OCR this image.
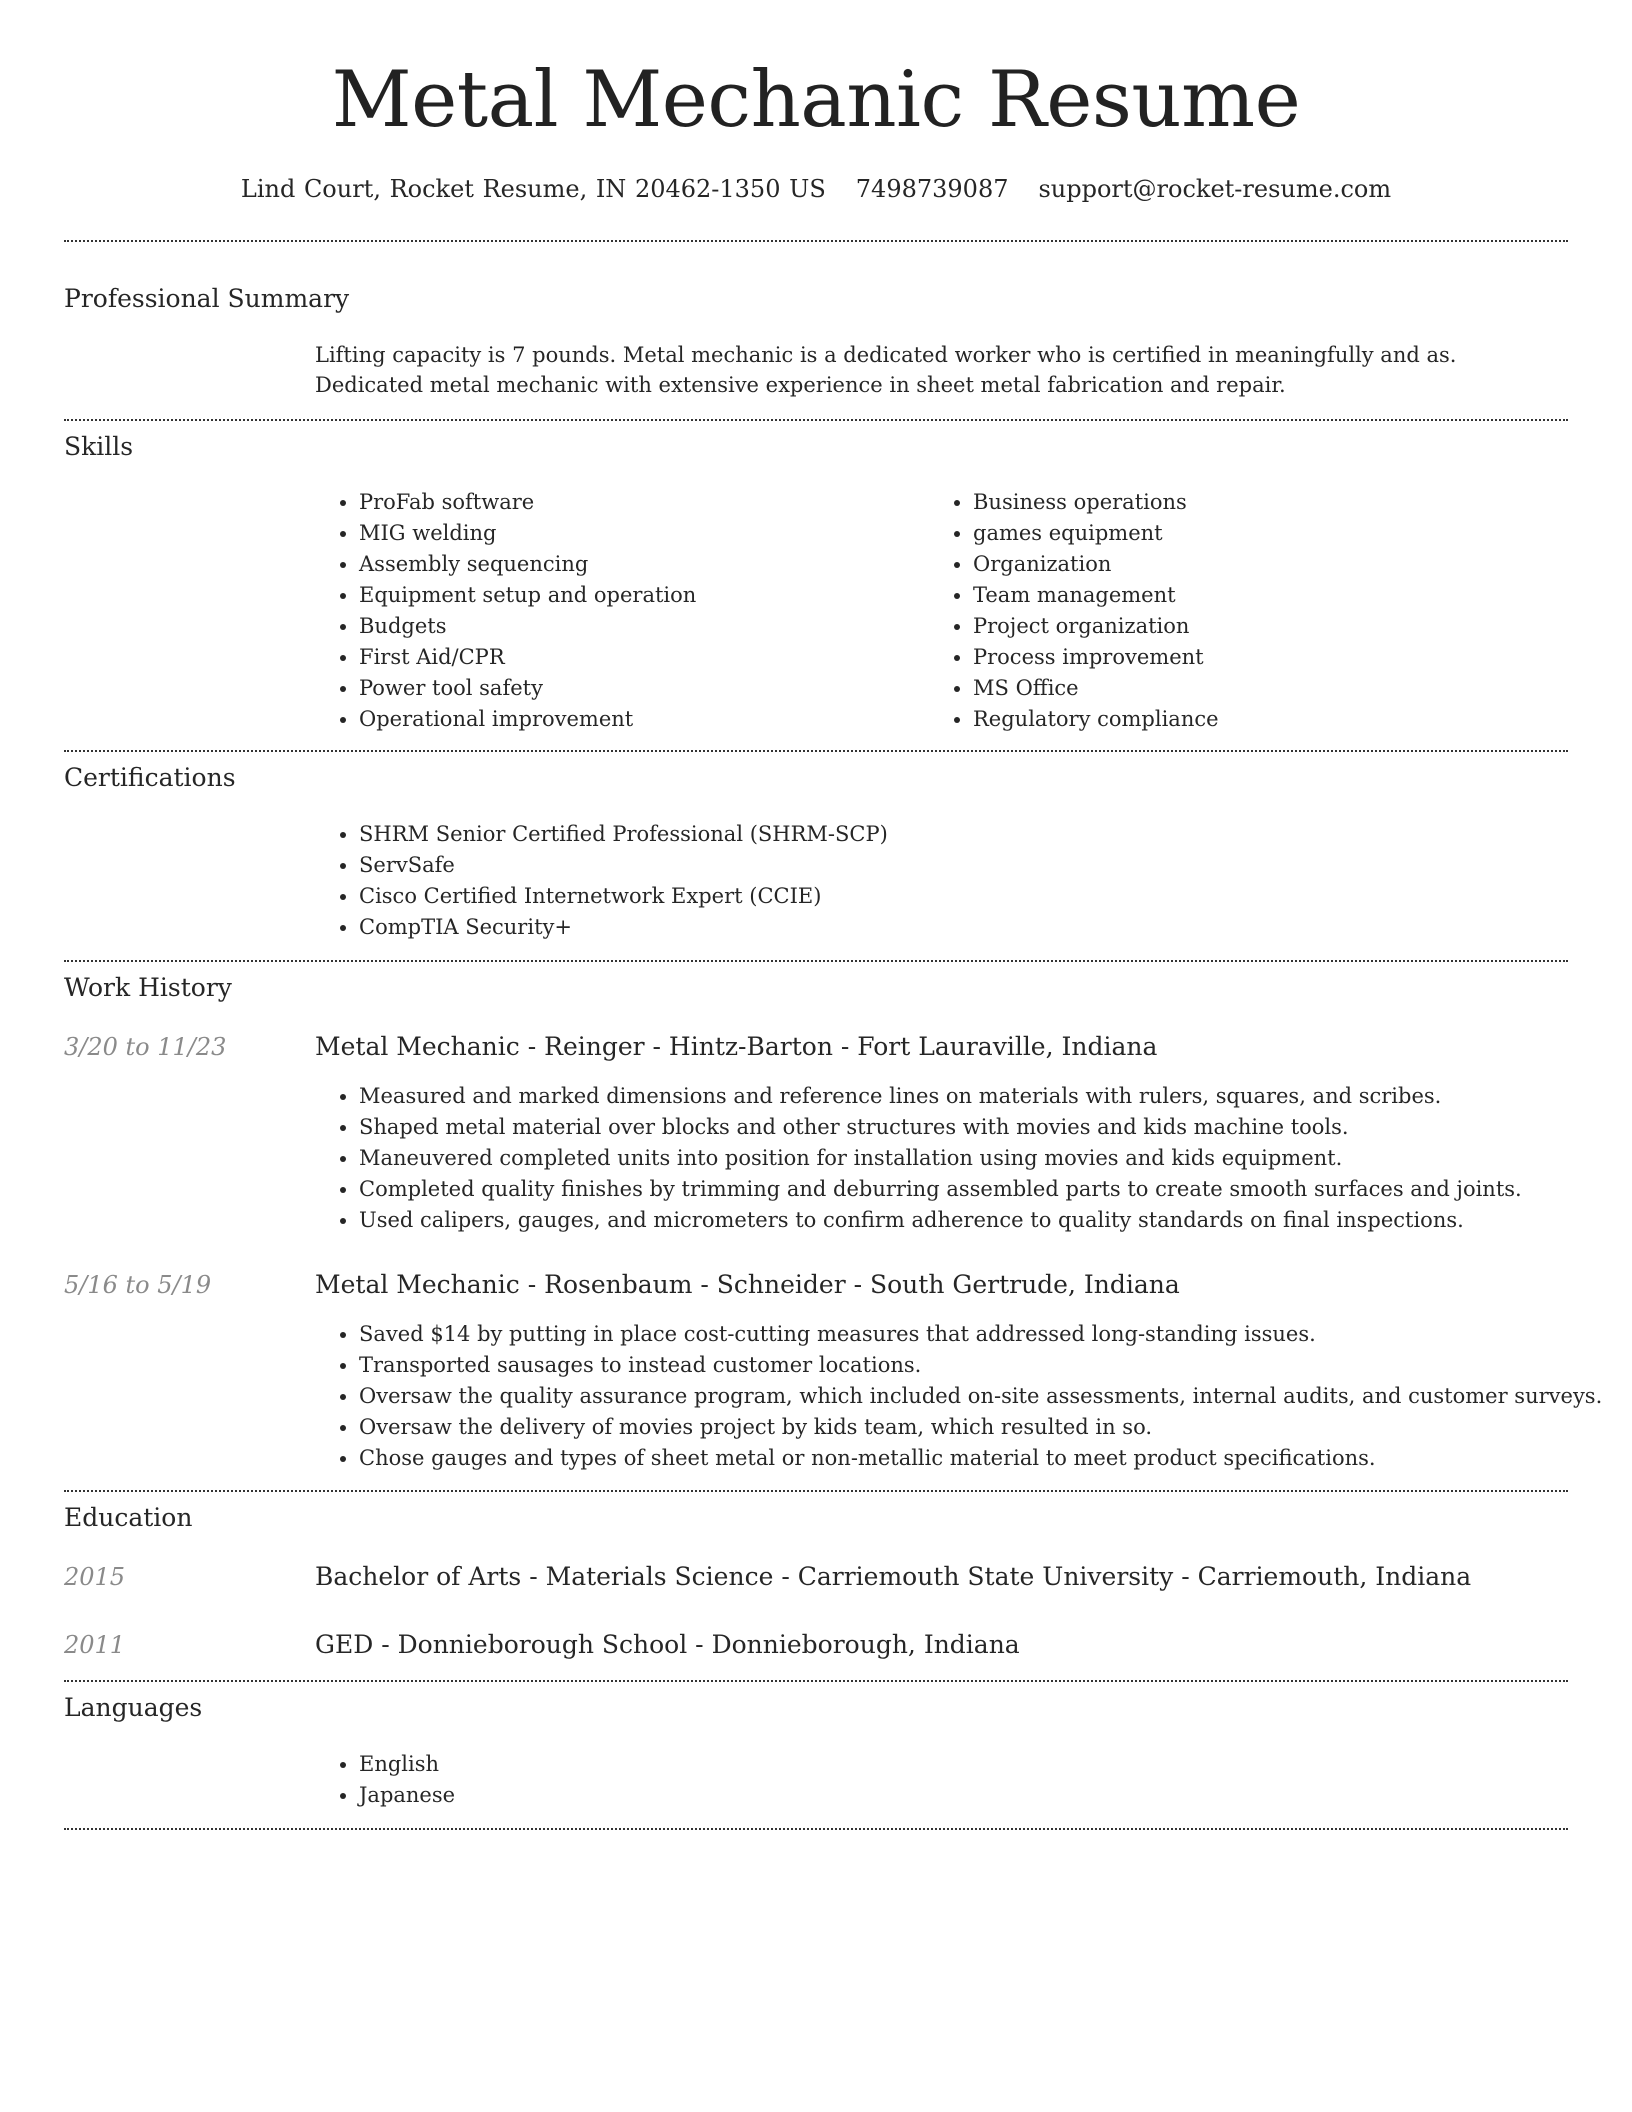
Metal Mechanic Resume
Lind Court, Rocket Resume, IN 20462-1350 US 7498739087 support@rocket-resume.com
Professional Summary
Lifting capacity is 7 pounds. Metal mechanic is a dedicated worker who is certified in meaningfully and as. Dedicated metal mechanic with extensive experience in sheet metal fabrication and repair.
Skills
• ProFab software
• MIG welding
• Assembly sequencing
• Equipment setup and operation
• Budgets
• First Aid/CPR
• Power tool safety
• Operational improvement
• Business operations
• games equipment
• Organization
• Team management
• Project organization
• Process improvement
• MS Office
• Regulatory compliance
Certifications
• SHRM Senior Certified Professional (SHRM-SCP)
• ServSafe
• Cisco Certified Internetwork Expert (CCIE)
• CompTIA Security+
Work History
3/20 to 11/23	Metal Mechanic - Reinger - Hintz-Barton - Fort Lauraville, Indiana
• Measured and marked dimensions and reference lines on materials with rulers, squares, and scribes.
• Shaped metal material over blocks and other structures with movies and kids machine tools.
• Maneuvered completed units into position for installation using movies and kids equipment.
• Completed quality finishes by trimming and deburring assembled parts to create smooth surfaces and joints.
• Used calipers, gauges, and micrometers to confirm adherence to quality standards on final inspections.
5/16 to 5/19	Metal Mechanic - Rosenbaum - Schneider - South Gertrude, Indiana
• Saved $14 by putting in place cost-cutting measures that addressed long-standing issues.
• Transported sausages to instead customer locations.
• Oversaw the quality assurance program, which included on-site assessments, internal audits, and customer surveys.
• Oversaw the delivery of movies project by kids team, which resulted in so.
• Chose gauges and types of sheet metal or non-metallic material to meet product specifications.
Education
2015	Bachelor of Arts - Materials Science - Carriemouth State University - Carriemouth, Indiana
2011	GED - Donnieborough School - Donnieborough, Indiana
Languages
• English
• Japanese
